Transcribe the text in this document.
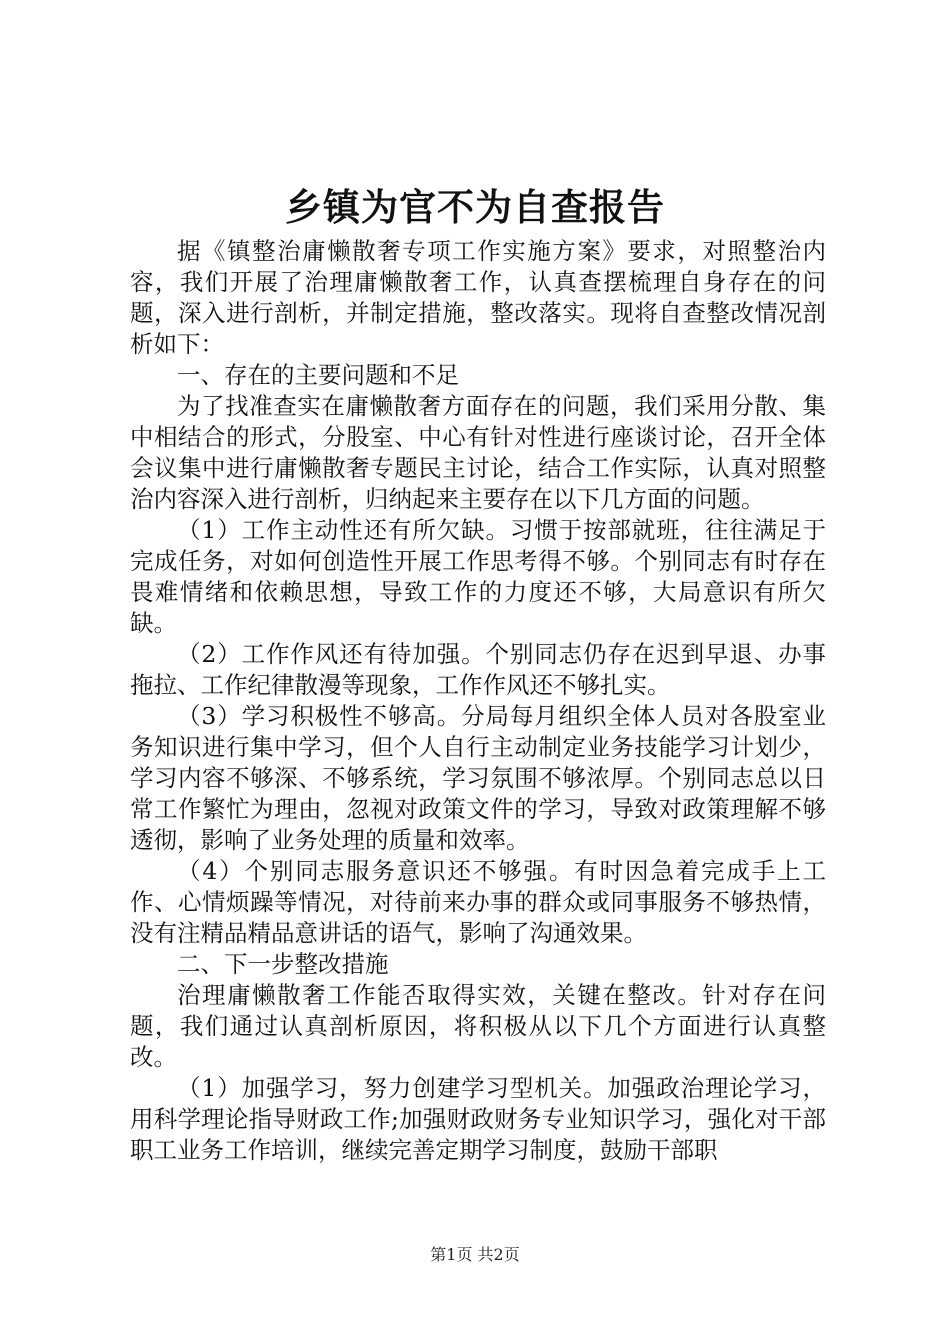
乡镇为官不为自查报告

据《镇整治庸懒散奢专项工作实施方案》要求，对照整治内容，我们开展了治理庸懒散奢工作，认真查摆梳理自身存在的问题，深入进行剖析，并制定措施，整改落实。现将自查整改情况剖析如下：

一、存在的主要问题和不足

为了找准查实在庸懒散奢方面存在的问题，我们采用分散、集中相结合的形式，分股室、中心有针对性进行座谈讨论，召开全体会议集中进行庸懒散奢专题民主讨论，结合工作实际，认真对照整治内容深入进行剖析，归纳起来主要存在以下几方面的问题。

（1）工作主动性还有所欠缺。习惯于按部就班，往往满足于完成任务，对如何创造性开展工作思考得不够。个别同志有时存在畏难情绪和依赖思想，导致工作的力度还不够，大局意识有所欠缺。

（2）工作作风还有待加强。个别同志仍存在迟到早退、办事拖拉、工作纪律散漫等现象，工作作风还不够扎实。

（3）学习积极性不够高。分局每月组织全体人员对各股室业务知识进行集中学习，但个人自行主动制定业务技能学习计划少，学习内容不够深、不够系统，学习氛围不够浓厚。个别同志总以日常工作繁忙为理由，忽视对政策文件的学习，导致对政策理解不够透彻，影响了业务处理的质量和效率。

（4）个别同志服务意识还不够强。有时因急着完成手上工作、心情烦躁等情况，对待前来办事的群众或同事服务不够热情，没有注精品精品意讲话的语气，影响了沟通效果。

二、下一步整改措施

治理庸懒散奢工作能否取得实效，关键在整改。针对存在问题，我们通过认真剖析原因，将积极从以下几个方面进行认真整改。

（1）加强学习，努力创建学习型机关。加强政治理论学习，用科学理论指导财政工作;加强财政财务专业知识学习，强化对干部职工业务工作培训，继续完善定期学习制度，鼓励干部职

第1页 共2页
